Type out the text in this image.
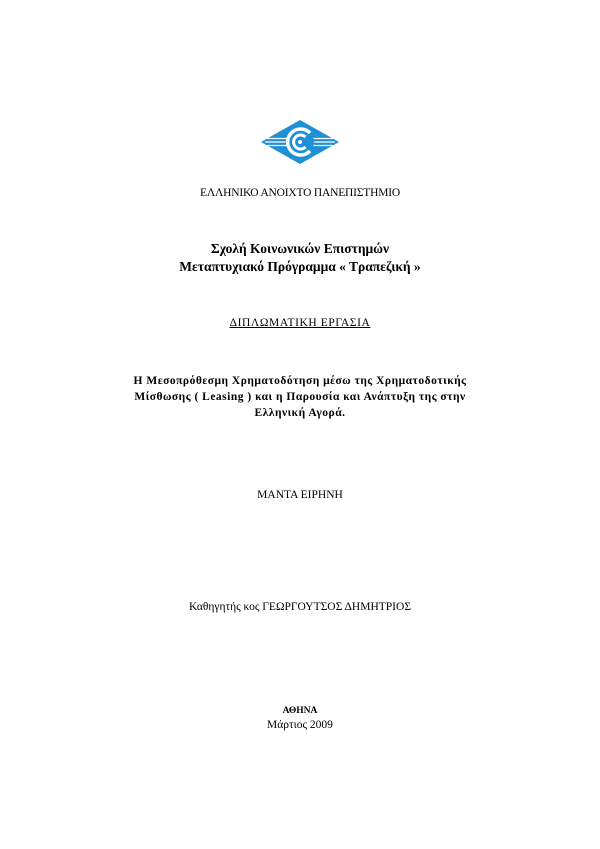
ΕΛΛΗΝΙΚΟ ΑΝΟΙΧΤΟ ΠΑΝΕΠΙΣΤΗΜΙΟ
Σχολή Κοινωνικών Επιστημών
Μεταπτυχιακό Πρόγραμμα « Τραπεζική »
ΔΙΠΛΩΜΑΤΙΚΗ ΕΡΓΑΣΙΑ
Η Μεσοπρόθεσμη Χρηματοδότηση μέσω της Χρηματοδοτικής
Μίσθωσης ( Leasing ) και η Παρουσία και Ανάπτυξη της στην
Ελληνική Αγορά.
ΜΑΝΤΑ ΕΙΡΗΝΗ
Καθηγητής κος ΓΕΩΡΓΟΥΤΣΟΣ ΔΗΜΗΤΡΙΟΣ
ΑΘΗΝΑ
Μάρτιος 2009
